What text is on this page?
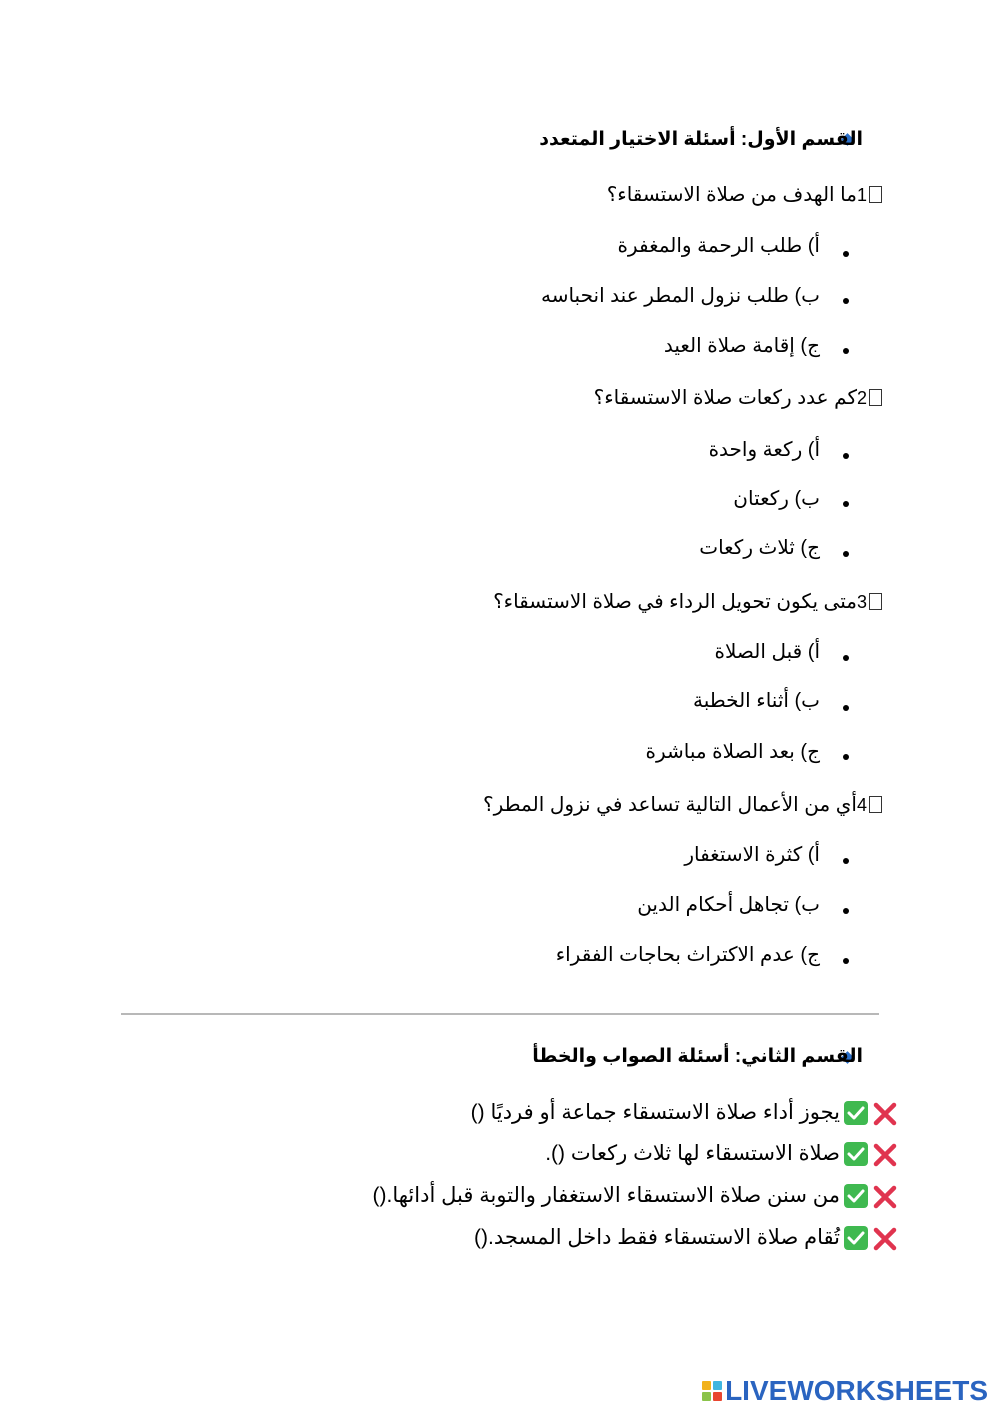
القسم الأول: أسئلة الاختيار المتعدد
1ما الهدف من صلاة الاستسقاء؟
أ) طلب الرحمة والمغفرة
ب) طلب نزول المطر عند انحباسه
ج) إقامة صلاة العيد
2كم عدد ركعات صلاة الاستسقاء؟
أ) ركعة واحدة
ب) ركعتان
ج) ثلاث ركعات
3متى يكون تحويل الرداء في صلاة الاستسقاء؟
أ) قبل الصلاة
ب) أثناء الخطبة
ج) بعد الصلاة مباشرة
4أي من الأعمال التالية تساعد في نزول المطر؟
أ) كثرة الاستغفار
ب) تجاهل أحكام الدين
ج) عدم الاكتراث بحاجات الفقراء
القسم الثاني: أسئلة الصواب والخطأ
يجوز أداء صلاة الاستسقاء جماعة أو فرديًا ()
صلاة الاستسقاء لها ثلاث ركعات ().
من سنن صلاة الاستسقاء الاستغفار والتوبة قبل أدائها.()
تُقام صلاة الاستسقاء فقط داخل المسجد.()
LIVEWORKSHEETS
